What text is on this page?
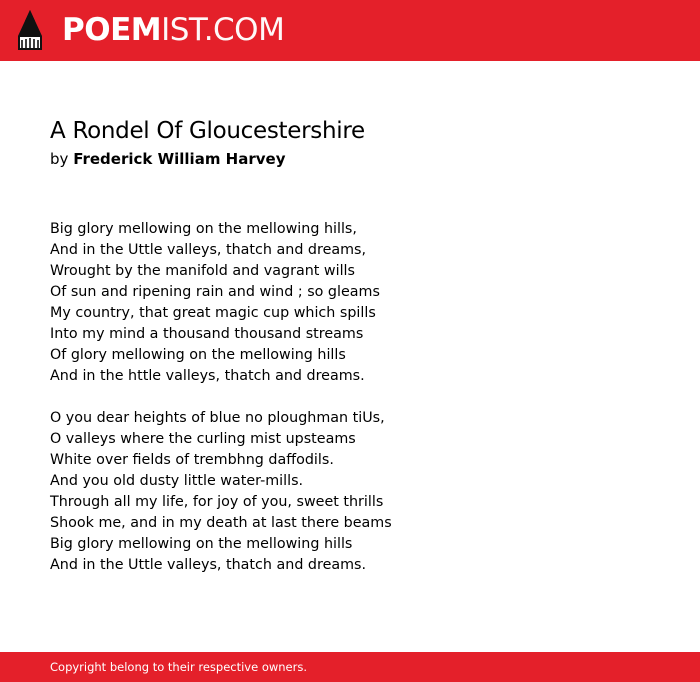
POEMIST.COM
A Rondel Of Gloucestershire
by Frederick William Harvey
Big glory mellowing on the mellowing hills,
And in the Uttle valleys, thatch and dreams,
Wrought by the manifold and vagrant wills
Of sun and ripening rain and wind ; so gleams
My country, that great magic cup which spills
Into my mind a thousand thousand streams
Of glory mellowing on the mellowing hills
And in the httle valleys, thatch and dreams.
O you dear heights of blue no ploughman tiUs,
O valleys where the curling mist upsteams
White over fields of trembhng daffodils.
And you old dusty little water-mills.
Through all my life, for joy of you, sweet thrills
Shook me, and in my death at last there beams
Big glory mellowing on the mellowing hills
And in the Uttle valleys, thatch and dreams.
Copyright belong to their respective owners.
